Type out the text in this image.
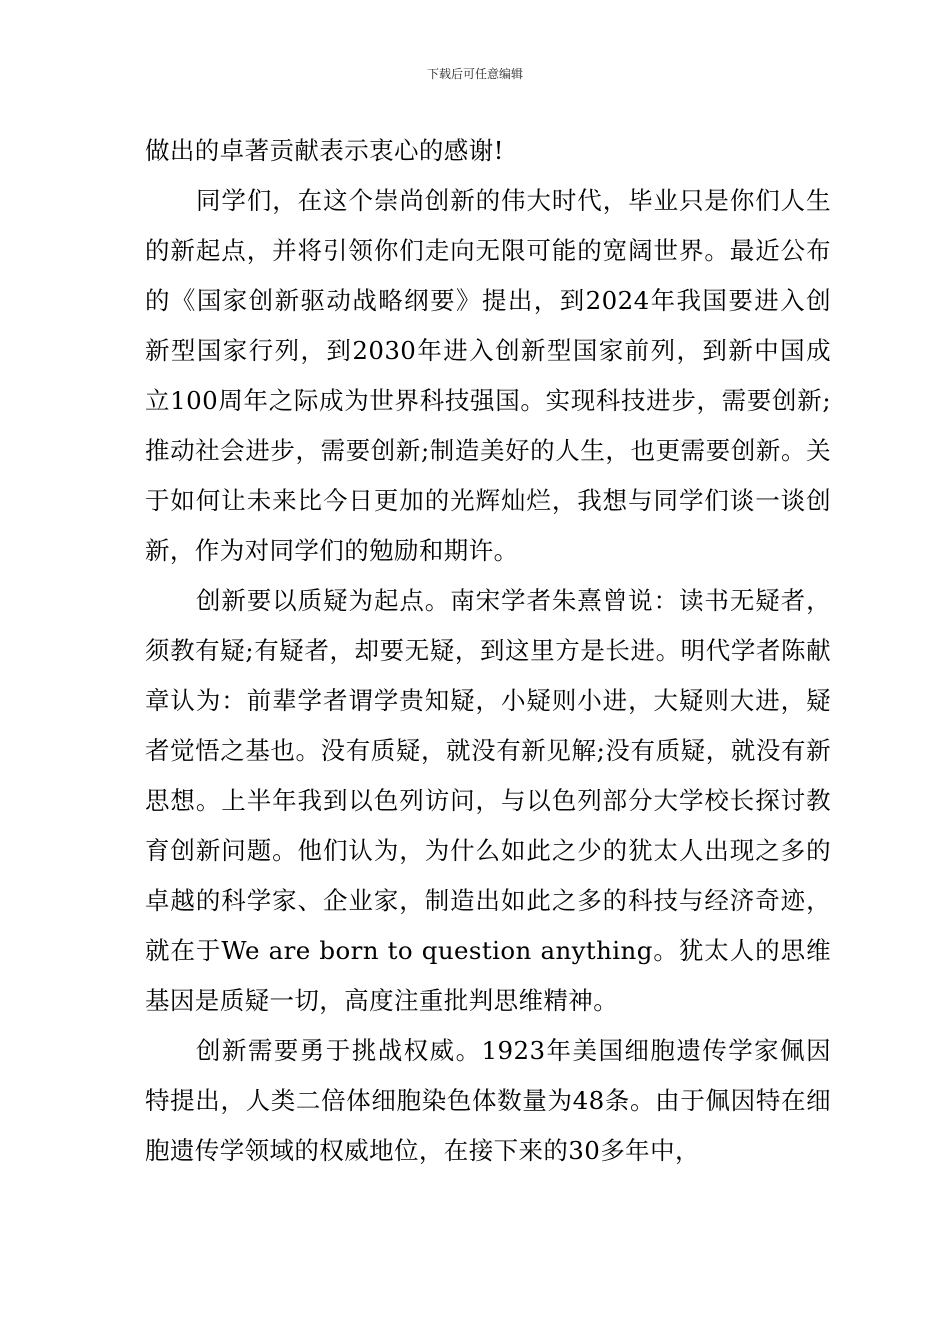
下载后可任意编辑

做出的卓著贡献表示衷心的感谢!

同学们，在这个崇尚创新的伟大时代，毕业只是你们人生的新起点，并将引领你们走向无限可能的宽阔世界。最近公布的《国家创新驱动战略纲要》提出，到2024年我国要进入创新型国家行列，到2030年进入创新型国家前列，到新中国成立100周年之际成为世界科技强国。实现科技进步，需要创新;推动社会进步，需要创新;制造美好的人生，也更需要创新。关于如何让未来比今日更加的光辉灿烂，我想与同学们谈一谈创新，作为对同学们的勉励和期许。

创新要以质疑为起点。南宋学者朱熹曾说：读书无疑者，须教有疑;有疑者，却要无疑，到这里方是长进。明代学者陈献章认为：前辈学者谓学贵知疑，小疑则小进，大疑则大进，疑者觉悟之基也。没有质疑，就没有新见解;没有质疑，就没有新思想。上半年我到以色列访问，与以色列部分大学校长探讨教育创新问题。他们认为，为什么如此之少的犹太人出现之多的卓越的科学家、企业家，制造出如此之多的科技与经济奇迹，就在于We are born to question anything。犹太人的思维基因是质疑一切，高度注重批判思维精神。

创新需要勇于挑战权威。1923年美国细胞遗传学家佩因特提出，人类二倍体细胞染色体数量为48条。由于佩因特在细胞遗传学领域的权威地位，在接下来的30多年中，
